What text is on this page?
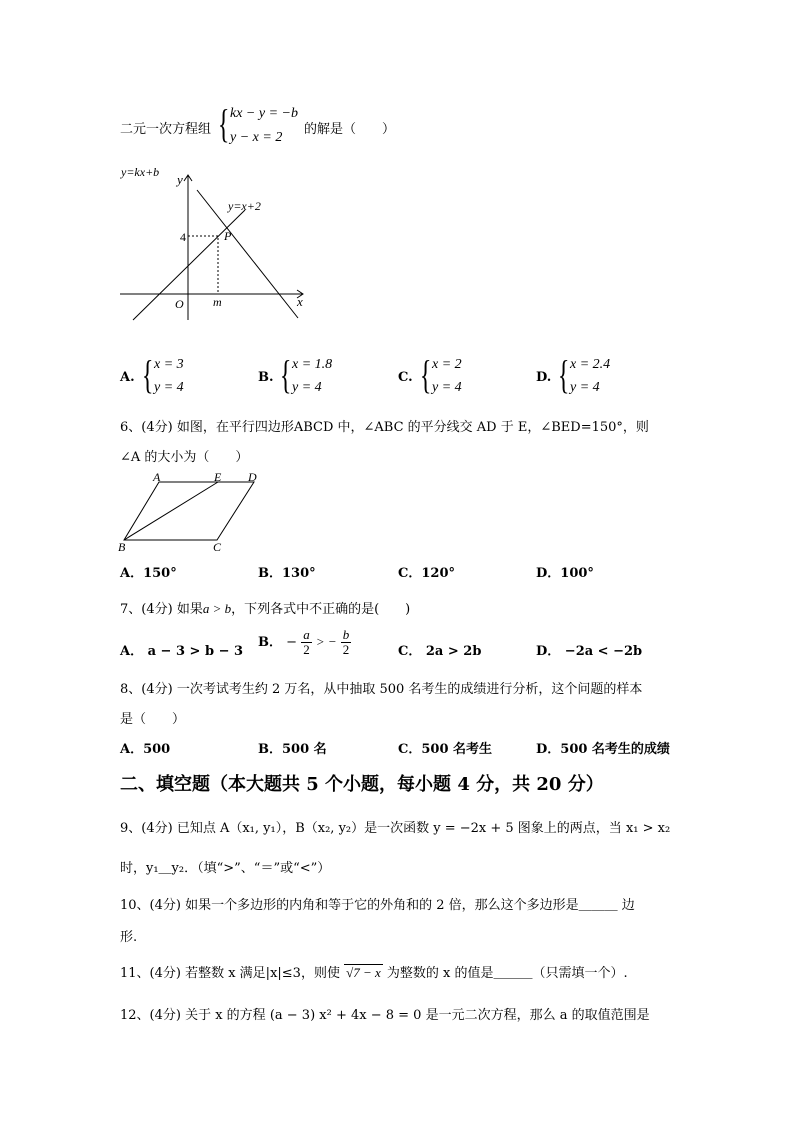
二元一次方程组 { kx − y = −b
y − x = 2
的解是（　　）
y=kx+b
y=x+2
y
x
O
4
m
P
A. { x = 3
y = 4
B. { x = 1.8
y = 4
C. { x = 2
y = 4
D. { x = 2.4
y = 4
6、(4分) 如图，在平行四边形ABCD 中，∠ABC 的平分线交 AD 于 E，∠BED=150°，则
∠A 的大小为（　　）
A	E D
B	C
A．150°	B．130°	C．120°	D．100°
7、(4分) 如果a > b，下列各式中不正确的是(　　)
A． a − 3 > b − 3
B． − $\frac{a}{2}$ > − $\frac{b}{2}$	C． 2a > 2b	D． −2a < −2b
8、(4分) 一次考试考生约 2 万名，从中抽取 500 名考生的成绩进行分析，这个问题的样本
是（　　）
A．500	B．500 名	C．500 名考生	D．500 名考生的成绩
二、填空题（本大题共 5 个小题，每小题 4 分，共 20 分）
9、(4分) 已知点 A（x₁, y₁），B（x₂, y₂）是一次函数 y = −2x + 5 图象上的两点，当 x₁ > x₂
时，y₁＿y₂．（填“>”、“＝”或“<”）
10、(4分) 如果一个多边形的内角和等于它的外角和的 2 倍，那么这个多边形是＿＿＿ 边
形.
11、(4分) 若整数 x 满足|x|≤3，则使 √7 − x 为整数的 x 的值是＿＿＿（只需填一个）.
12、(4分) 关于 x 的方程 (a − 3) x² + 4x − 8 = 0 是一元二次方程，那么 a 的取值范围是
